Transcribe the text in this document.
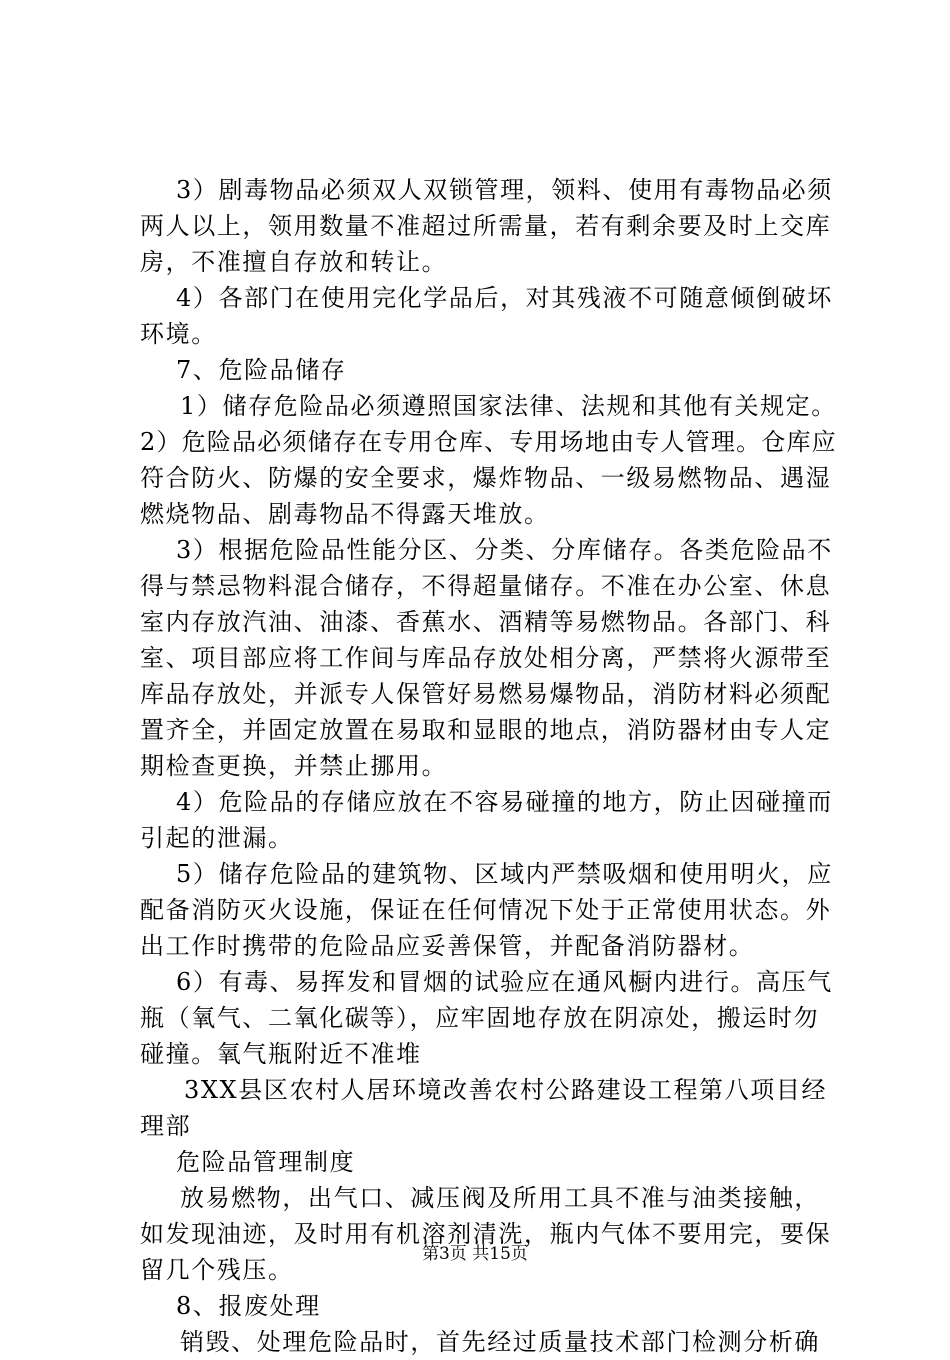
3）剧毒物品必须双人双锁管理，领料、使用有毒物品必须
两人以上，领用数量不准超过所需量，若有剩余要及时上交库
房，不准擅自存放和转让。
4）各部门在使用完化学品后，对其残液不可随意倾倒破坏
环境。
7、危险品储存
1）储存危险品必须遵照国家法律、法规和其他有关规定。
2）危险品必须储存在专用仓库、专用场地由专人管理。仓库应
符合防火、防爆的安全要求，爆炸物品、一级易燃物品、遇湿
燃烧物品、剧毒物品不得露天堆放。
3）根据危险品性能分区、分类、分库储存。各类危险品不
得与禁忌物料混合储存，不得超量储存。不准在办公室、休息
室内存放汽油、油漆、香蕉水、酒精等易燃物品。各部门、科
室、项目部应将工作间与库品存放处相分离，严禁将火源带至
库品存放处，并派专人保管好易燃易爆物品，消防材料必须配
置齐全，并固定放置在易取和显眼的地点，消防器材由专人定
期检查更换，并禁止挪用。
4）危险品的存储应放在不容易碰撞的地方，防止因碰撞而
引起的泄漏。
5）储存危险品的建筑物、区域内严禁吸烟和使用明火，应
配备消防灭火设施，保证在任何情况下处于正常使用状态。外
出工作时携带的危险品应妥善保管，并配备消防器材。
6）有毒、易挥发和冒烟的试验应在通风橱内进行。高压气
瓶（氧气、二氧化碳等），应牢固地存放在阴凉处，搬运时勿
碰撞。氧气瓶附近不准堆
3XX县区农村人居环境改善农村公路建设工程第八项目经
理部
危险品管理制度
放易燃物，出气口、减压阀及所用工具不准与油类接触，
如发现油迹，及时用有机溶剂清洗，瓶内气体不要用完，要保
留几个残压。
8、报废处理
销毁、处理危险品时，首先经过质量技术部门检测分析确
第3页 共15页
